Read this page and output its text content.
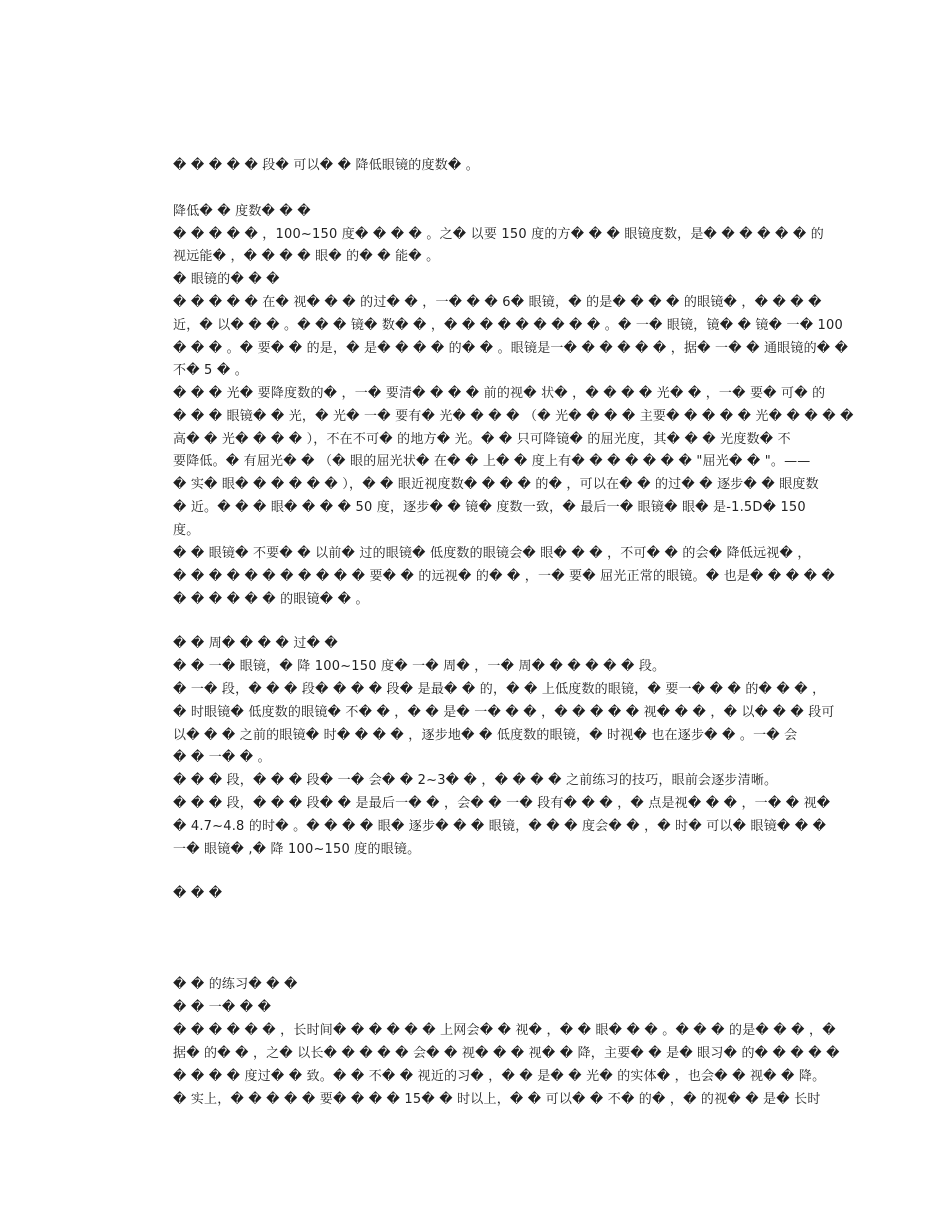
� � � � � 段� 可以� � 降低眼镜的度数� 。
降低� � 度数� � �
� � � � � ，100~150 度� � � � 。之� 以要 150 度的方� � � 眼镜度数，是� � � � � � 的
视远能� ，� � � � 眼� 的� � 能� 。
� 眼镜的� � �
� � � � � 在� 视� � � 的过� � ，一� � � 6� 眼镜，� 的是� � � � 的眼镜� ，� � � �
近，� 以� � � 。� � � 镜� 数� � ，� � � � � � � � � 。� 一� 眼镜，镜� � 镜� 一� 100
� � � 。� 要� � 的是，� 是� � � � 的� � 。眼镜是一� � � � � � ，据� 一� � 通眼镜的� �
不� 5 � 。
� � � 光� 要降度数的� ，一� 要清� � � � 前的视� 状� ，� � � � 光� � ，一� 要� 可� 的
� � � 眼镜� � 光，� 光� 一� 要有� 光� � � � （� 光� � � � 主要� � � � � 光� � � � �
高� � 光� � � � ），不在不可� 的地方� 光。� � 只可降镜� 的屈光度，其� � � 光度数� 不
要降低。� 有屈光� � （� 眼的屈光状� 在� � 上� � 度上有� � � � � � � "屈光� � "。——
� 实� 眼� � � � � � ），� � 眼近视度数� � � � 的� ，可以在� � 的过� � 逐步� � 眼度数
� 近。� � � 眼� � � � 50 度，逐步� � 镜� 度数一致，� 最后一� 眼镜� 眼� 是-1.5D� 150
度。
� � 眼镜� 不要� � 以前� 过的眼镜� 低度数的眼镜会� 眼� � � ，不可� � 的会� 降低远视� ，
� � � � � � � � � � � 要� � 的远视� 的� � ，一� 要� 屈光正常的眼镜。� 也是� � � � �
� � � � � � 的眼镜� � 。
� � 周� � � � 过� �
� � 一� 眼镜，� 降 100~150 度� 一� 周� ，一� 周� � � � � � 段。
� 一� 段，� � � 段� � � � 段� 是最� � 的，� � 上低度数的眼镜，� 要一� � � 的� � � ，
� 时眼镜� 低度数的眼镜� 不� � ，� � 是� 一� � � ，� � � � � 视� � � ，� 以� � � 段可
以� � � 之前的眼镜� 时� � � � ，逐步地� � 低度数的眼镜，� 时视� 也在逐步� � 。一� 会
� � 一� � 。
� � � 段，� � � 段� 一� 会� � 2~3� � ，� � � � 之前练习的技巧，眼前会逐步清晰。
� � � 段，� � � 段� � 是最后一� � ，会� � 一� 段有� � � ，� 点是视� � � ，一� � 视�
� 4.7~4.8 的时� 。� � � � 眼� 逐步� � � 眼镜，� � � 度会� � ，� 时� 可以� 眼镜� � �
一� 眼镜� ,� 降 100~150 度的眼镜。
� � �
� � 的练习� � �
� � 一� � �
� � � � � � ，长时间� � � � � � 上网会� � 视� ，� � 眼� � � 。� � � 的是� � � ，�
据� 的� � ，之� 以长� � � � � 会� � 视� � � 视� � 降，主要� � 是� 眼习� 的� � � � �
� � � � 度过� � 致。� � 不� � 视近的习� ，� � 是� � 光� 的实体� ，也会� � 视� � 降。
� 实上，� � � � � 要� � � � 15� � 时以上，� � 可以� � 不� 的� ，� 的视� � 是� 长时
